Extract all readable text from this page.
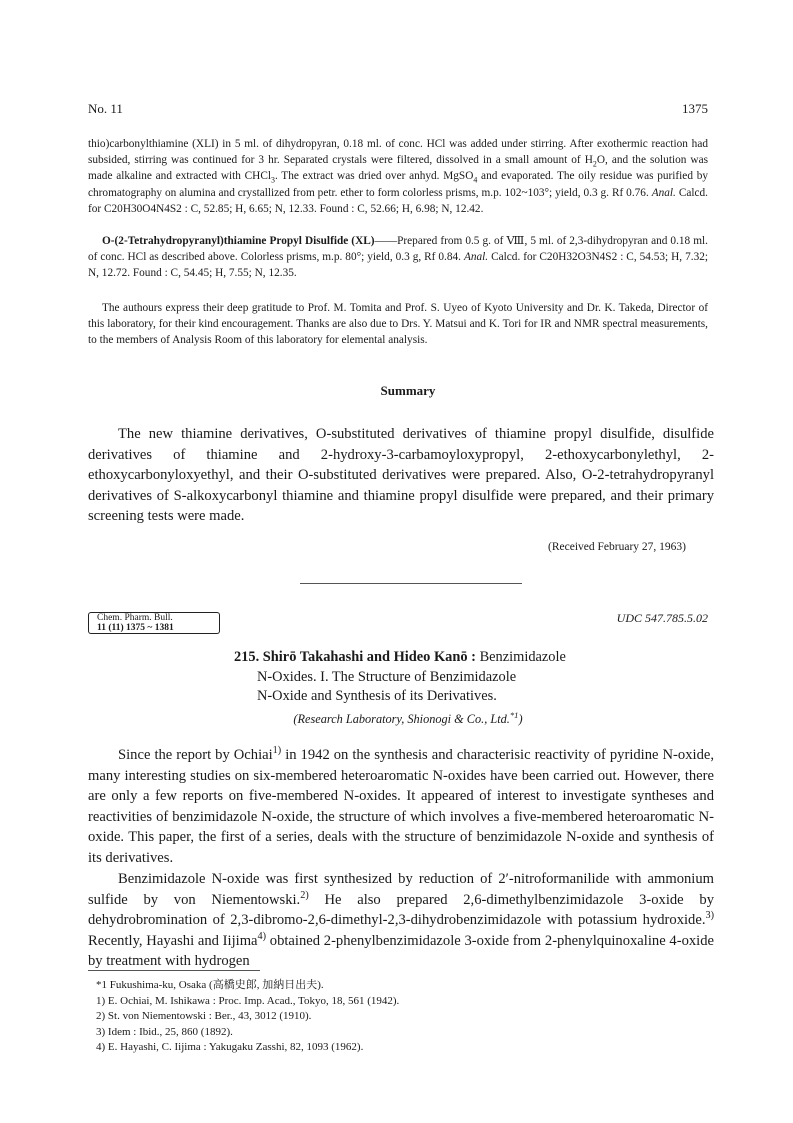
No. 11	1375
thio)carbonylthiamine (XLI) in 5 ml. of dihydropyran, 0.18 ml. of conc. HCl was added under stirring. After exothermic reaction had subsided, stirring was continued for 3 hr. Separated crystals were filtered, dissolved in a small amount of $H_2O$, and the solution was made alkaline and extracted with CHCl$_3$. The extract was dried over anhyd. MgSO$_4$ and evaporated. The oily residue was purified by chromatography on alumina and crystallized from petr. ether to form colorless prisms, m.p. 102~103°; yield, 0.3 g. Rf 0.76. Anal. Calcd. for C20H30O4N4S2 : C, 52.85; H, 6.65; N, 12.33. Found : C, 52.66; H, 6.98; N, 12.42.
O-(2-Tetrahydropyranyl)thiamine Propyl Disulfide (XL)——Prepared from 0.5 g. of Ⅷ, 5 ml. of 2,3-dihydropyran and 0.18 ml. of conc. HCl as described above. Colorless prisms, m.p. 80°; yield, 0.3 g, Rf 0.84. Anal. Calcd. for C20H32O3N4S2 : C, 54.53; H, 7.32; N, 12.72. Found : C, 54.45; H, 7.55; N, 12.35.
The authours express their deep gratitude to Prof. M. Tomita and Prof. S. Uyeo of Kyoto University and Dr. K. Takeda, Director of this laboratory, for their kind encouragement. Thanks are also due to Drs. Y. Matsui and K. Tori for IR and NMR spectral measurements, to the members of Analysis Room of this laboratory for elemental analysis.
Summary
The new thiamine derivatives, O-substituted derivatives of thiamine propyl disulfide, disulfide derivatives of thiamine and 2-hydroxy-3-carbamoyloxypropyl, 2-ethoxycarbonylethyl, 2-ethoxycarbonyloxyethyl, and their O-substituted derivatives were prepared. Also, O-2-tetrahydropyranyl derivatives of S-alkoxycarbonyl thiamine and thiamine propyl disulfide were prepared, and their primary screening tests were made.
(Received February 27, 1963)
Chem. Pharm. Bull.

11 (11) 1375 ~ 1381
UDC 547.785.5.02
215. Shirō Takahashi and Hideo Kanō : Benzimidazole
N-Oxides. I. The Structure of Benzimidazole
N-Oxide and Synthesis of its Derivatives.
(Research Laboratory, Shionogi & Co., Ltd.$^{*1}$)
Since the report by Ochiai$^{1)}$ in 1942 on the synthesis and characterisic reactivity of pyridine N-oxide, many interesting studies on six-membered heteroaromatic N-oxides have been carried out. However, there are only a few reports on five-membered N-oxides. It appeared of interest to investigate syntheses and reactivities of benzimidazole N-oxide, the structure of which involves a five-membered heteroaromatic N-oxide. This paper, the first of a series, deals with the structure of benzimidazole N-oxide and synthesis of its derivatives.
Benzimidazole N-oxide was first synthesized by reduction of 2′-nitroformanilide with ammonium sulfide by von Niementowski.$^{2)}$ He also prepared 2,6-dimethylbenzimidazole 3-oxide by dehydrobromination of 2,3-dibromo-2,6-dimethyl-2,3-dihydrobenzimidazole with potassium hydroxide.$^{3)}$ Recently, Hayashi and Iijima$^{4)}$ obtained 2-phenylbenzimidazole 3-oxide from 2-phenylquinoxaline 4-oxide by treatment with hydrogen
*1 Fukushima-ku, Osaka (高橋史郎, 加納日出夫).
1) E. Ochiai, M. Ishikawa : Proc. Imp. Acad., Tokyo, 18, 561 (1942).
2) St. von Niementowski : Ber., 43, 3012 (1910).
3) Idem : Ibid., 25, 860 (1892).
4) E. Hayashi, C. Iijima : Yakugaku Zasshi, 82, 1093 (1962).
